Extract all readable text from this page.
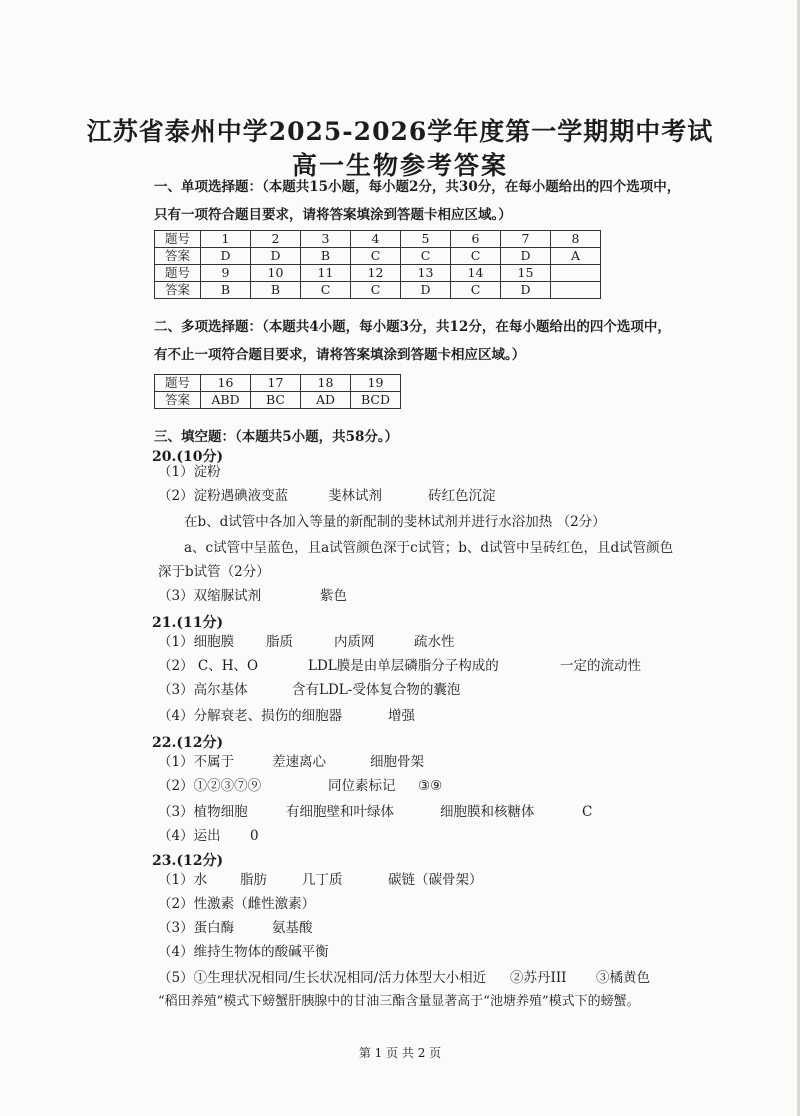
江苏省泰州中学2025-2026学年度第一学期期中考试
高一生物参考答案
一、单项选择题：（本题共15小题，每小题2分，共30分，在每小题给出的四个选项中，
只有一项符合题目要求，请将答案填涂到答题卡相应区域。）
题号	1	2	3	4	5	6	7	8
答案	D	D	B	C	C	C	D	A
题号	9	10	11	12	13	14	15	
答案	B	B	C	C	D	C	D	
二、多项选择题：（本题共4小题，每小题3分，共12分，在每小题给出的四个选项中，
有不止一项符合题目要求，请将答案填涂到答题卡相应区域。）
题号	16	17	18	19
答案	ABD	BC	AD	BCD
三、填空题：（本题共5小题，共58分。）
20.(10分)
（1）淀粉
（2）淀粉遇碘液变蓝	斐林试剂	砖红色沉淀
在b、d试管中各加入等量的新配制的斐林试剂并进行水浴加热 （2分）
a、c试管中呈蓝色，且a试管颜色深于c试管；b、d试管中呈砖红色，且d试管颜色
深于b试管（2分）
（3）双缩脲试剂	紫色
21.(11分)
（1）细胞膜 脂质	内质网	疏水性
（2） C、H、O	LDL膜是由单层磷脂分子构成的	一定的流动性
（3）高尔基体	含有LDL-受体复合物的囊泡
（4）分解衰老、损伤的细胞器	增强
22.(12分)
（1）不属于	差速离心	细胞骨架
（2）①②③⑦⑨	同位素标记 ③⑨
（3）植物细胞	有细胞壁和叶绿体	细胞膜和核糖体	C
（4）运出 0
23.(12分)
（1）水 脂肪	几丁质	碳链（碳骨架）
（2）性激素（雌性激素）
（3）蛋白酶	氨基酸
（4）维持生物体的酸碱平衡
（5）①生理状况相同/生长状况相同/活力体型大小相近 ②苏丹III ③橘黄色
“稻田养殖”模式下螃蟹肝胰腺中的甘油三酯含量显著高于“池塘养殖”模式下的螃蟹。
第 1 页 共 2 页
